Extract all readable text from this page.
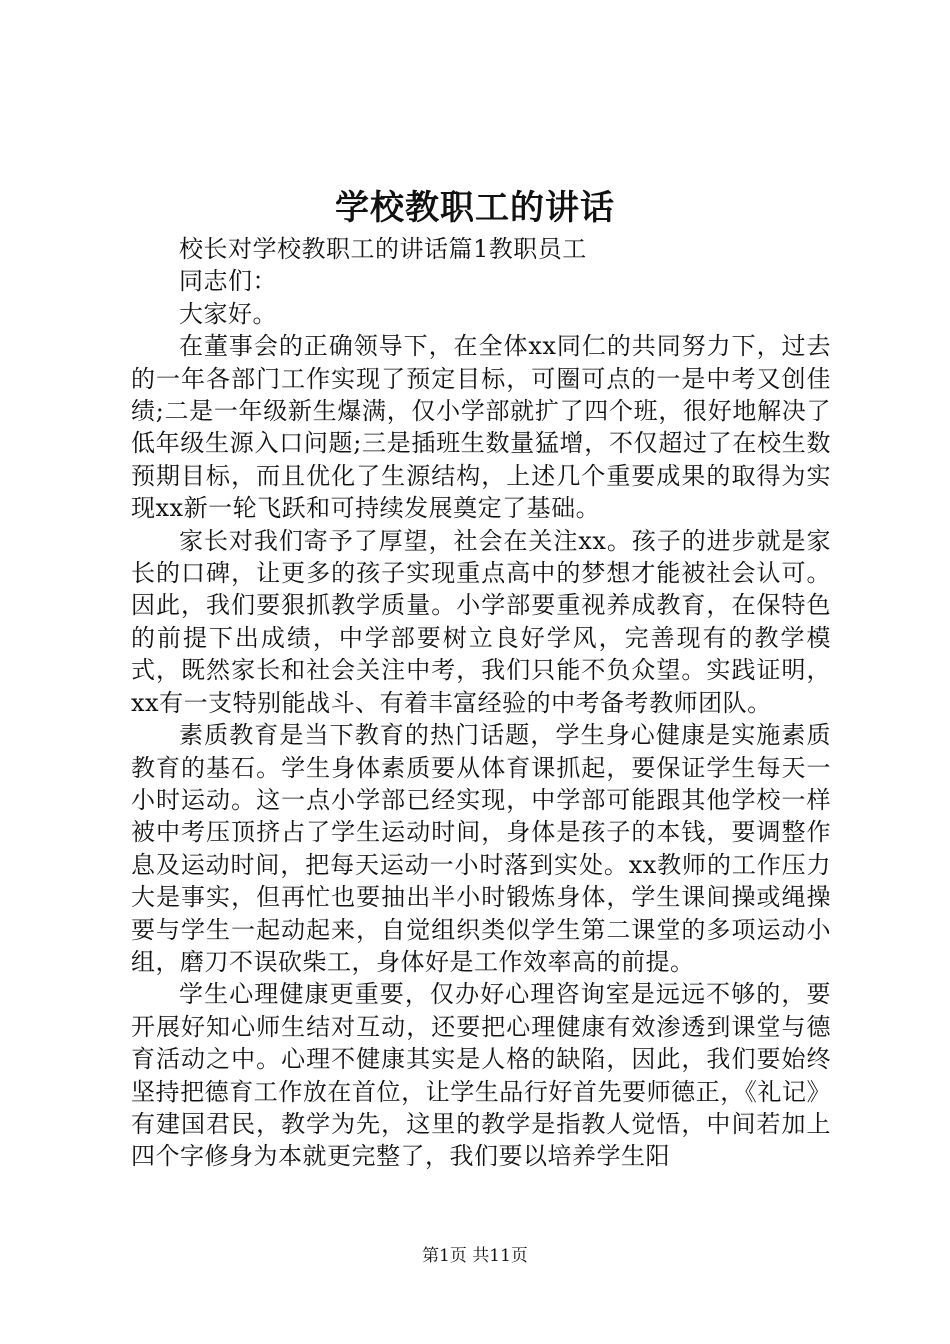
学校教职工的讲话

校长对学校教职工的讲话篇1教职员工

同志们：

大家好。

在董事会的正确领导下，在全体xx同仁的共同努力下，过去的一年各部门工作实现了预定目标，可圈可点的一是中考又创佳绩;二是一年级新生爆满，仅小学部就扩了四个班，很好地解决了低年级生源入口问题;三是插班生数量猛增，不仅超过了在校生数预期目标，而且优化了生源结构，上述几个重要成果的取得为实现xx新一轮飞跃和可持续发展奠定了基础。

家长对我们寄予了厚望，社会在关注xx。孩子的进步就是家长的口碑，让更多的孩子实现重点高中的梦想才能被社会认可。因此，我们要狠抓教学质量。小学部要重视养成教育，在保特色的前提下出成绩，中学部要树立良好学风，完善现有的教学模式，既然家长和社会关注中考，我们只能不负众望。实践证明，xx有一支特别能战斗、有着丰富经验的中考备考教师团队。

素质教育是当下教育的热门话题，学生身心健康是实施素质教育的基石。学生身体素质要从体育课抓起，要保证学生每天一小时运动。这一点小学部已经实现，中学部可能跟其他学校一样被中考压顶挤占了学生运动时间，身体是孩子的本钱，要调整作息及运动时间，把每天运动一小时落到实处。xx教师的工作压力大是事实，但再忙也要抽出半小时锻炼身体，学生课间操或绳操要与学生一起动起来，自觉组织类似学生第二课堂的多项运动小组，磨刀不误砍柴工，身体好是工作效率高的前提。

学生心理健康更重要，仅办好心理咨询室是远远不够的，要开展好知心师生结对互动，还要把心理健康有效渗透到课堂与德育活动之中。心理不健康其实是人格的缺陷，因此，我们要始终坚持把德育工作放在首位，让学生品行好首先要师德正，《礼记》有建国君民，教学为先，这里的教学是指教人觉悟，中间若加上四个字修身为本就更完整了，我们要以培养学生阳

第1页 共11页
